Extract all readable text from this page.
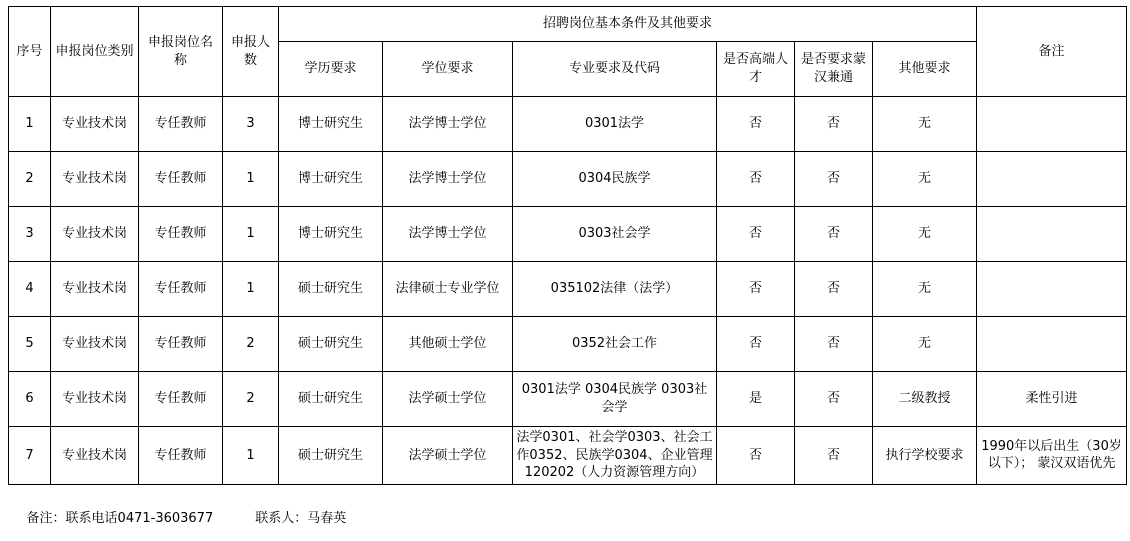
序号	申报岗位类别	申报岗位名称	申报人数	招聘岗位基本条件及其他要求						备注
				学历要求	学位要求	专业要求及代码	是否高端人才	是否要求蒙汉兼通	其他要求	
1	专业技术岗	专任教师	3	博士研究生	法学博士学位	0301法学	否	否	无	
2	专业技术岗	专任教师	1	博士研究生	法学博士学位	0304民族学	否	否	无	
3	专业技术岗	专任教师	1	博士研究生	法学博士学位	0303社会学	否	否	无	
4	专业技术岗	专任教师	1	硕士研究生	法律硕士专业学位	035102法律（法学）	否	否	无	
5	专业技术岗	专任教师	2	硕士研究生	其他硕士学位	0352社会工作	否	否	无	
6	专业技术岗	专任教师	2	硕士研究生	法学硕士学位	0301法学 0304民族学 0303社会学	是	否	二级教授	柔性引进
7	专业技术岗	专任教师	1	硕士研究生	法学硕士学位	法学0301、社会学0303、社会工作0352、民族学0304、企业管理120202（人力资源管理方向）	否	否	执行学校要求	1990年以后出生（30岁以下）； 蒙汉双语优先

备注：联系电话0471-3603677	联系人：马春英
